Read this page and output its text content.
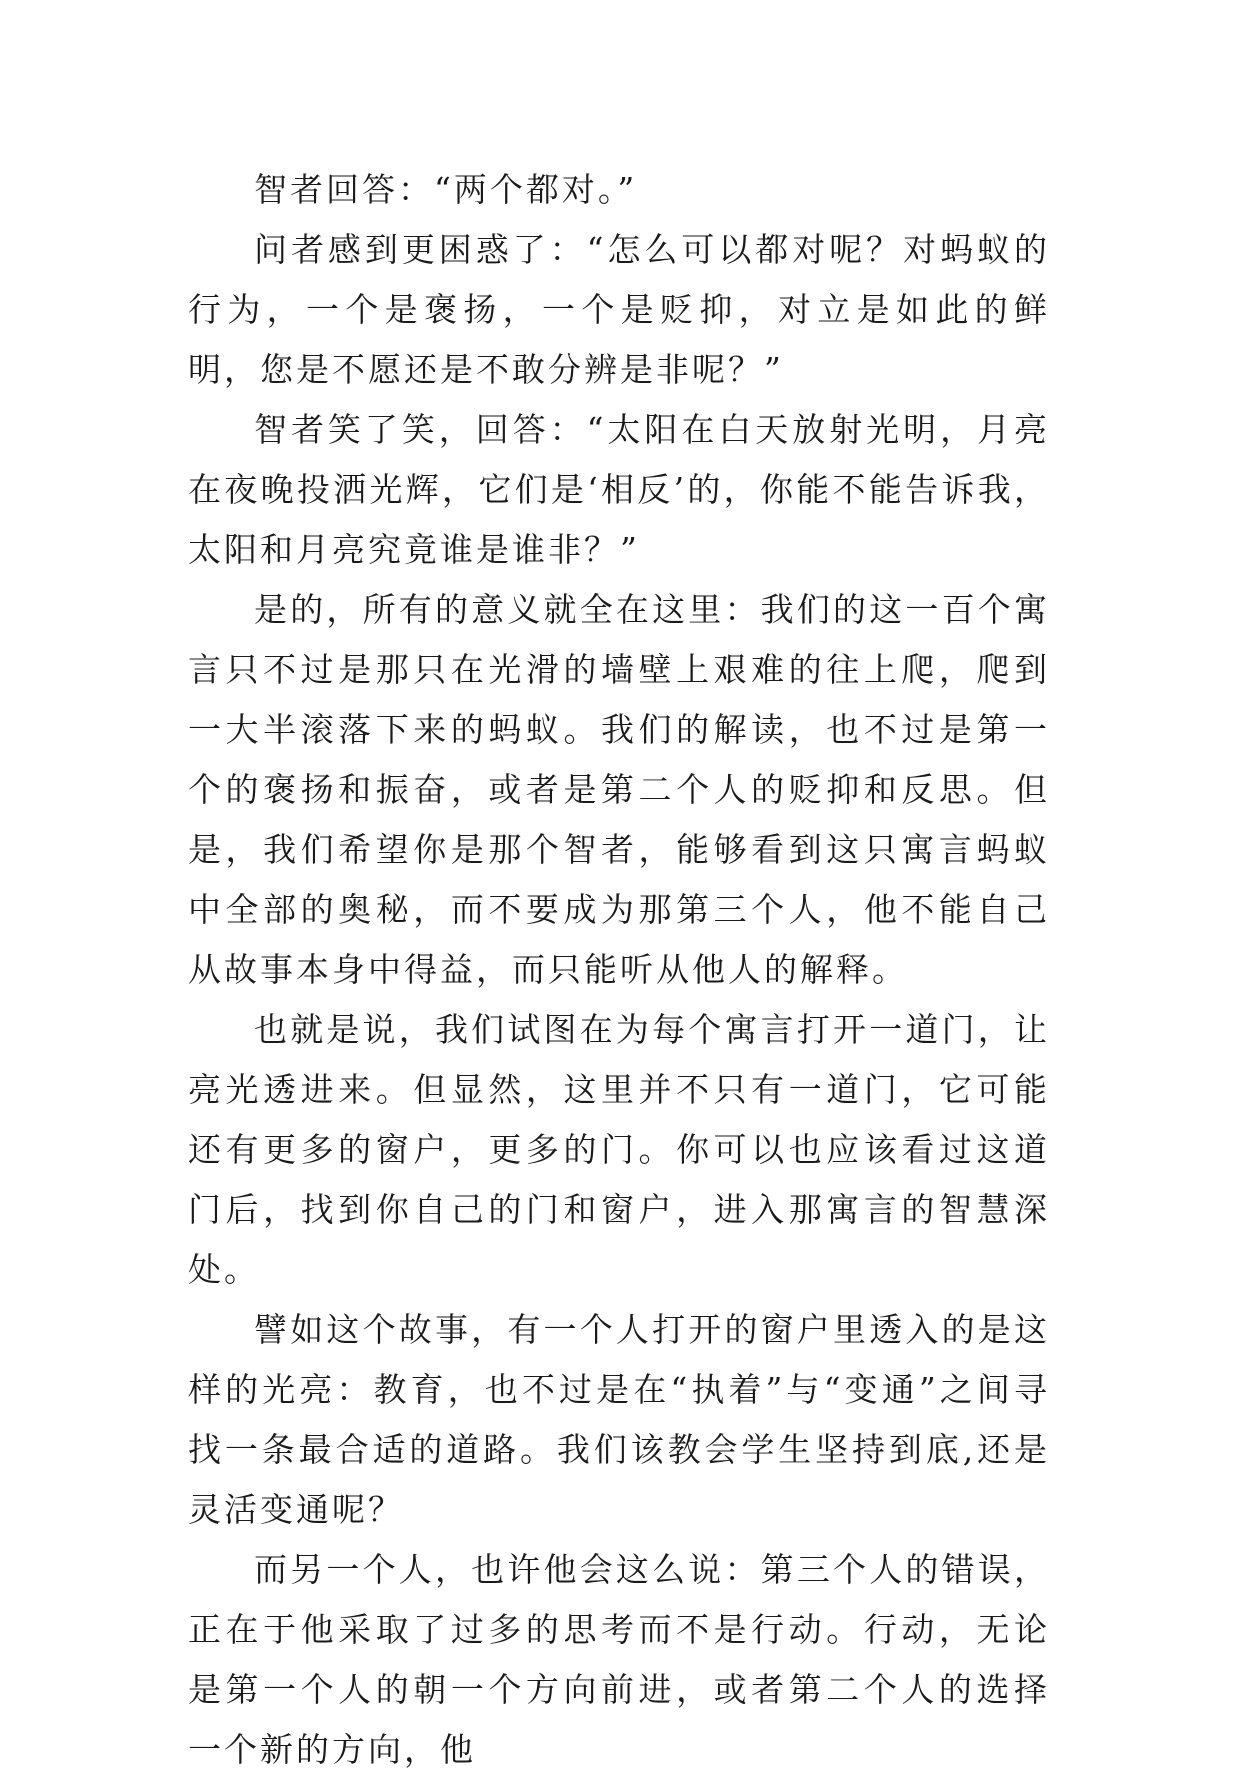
智者回答：“两个都对。”

问者感到更困惑了：“怎么可以都对呢？对蚂蚁的行为，一个是褒扬，一个是贬抑，对立是如此的鲜明，您是不愿还是不敢分辨是非呢？”

智者笑了笑，回答：“太阳在白天放射光明，月亮在夜晚投洒光辉，它们是‘相反’的，你能不能告诉我，太阳和月亮究竟谁是谁非？”

是的，所有的意义就全在这里：我们的这一百个寓言只不过是那只在光滑的墙壁上艰难的往上爬，爬到一大半滚落下来的蚂蚁。我们的解读，也不过是第一个的褒扬和振奋，或者是第二个人的贬抑和反思。但是，我们希望你是那个智者，能够看到这只寓言蚂蚁中全部的奥秘，而不要成为那第三个人，他不能自己从故事本身中得益，而只能听从他人的解释。

也就是说，我们试图在为每个寓言打开一道门，让亮光透进来。但显然，这里并不只有一道门，它可能还有更多的窗户，更多的门。你可以也应该看过这道门后，找到你自己的门和窗户，进入那寓言的智慧深处。

譬如这个故事，有一个人打开的窗户里透入的是这样的光亮：教育，也不过是在“执着”与“变通”之间寻找一条最合适的道路。我们该教会学生坚持到底,还是灵活变通呢？

而另一个人，也许他会这么说：第三个人的错误，正在于他采取了过多的思考而不是行动。行动，无论是第一个人的朝一个方向前进，或者第二个人的选择一个新的方向，他
